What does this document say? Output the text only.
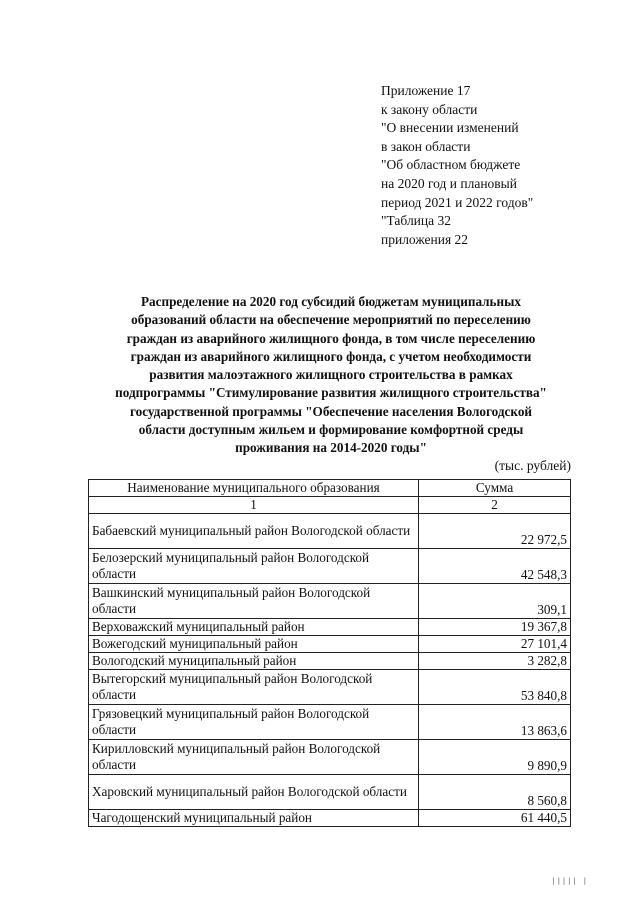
Приложение 17
к закону области
"О внесении изменений
в закон области
"Об областном бюджете
на 2020 год и плановый
период 2021 и 2022 годов"
"Таблица 32
приложения 22
Распределение на 2020 год субсидий бюджетам муниципальных
образований области на обеспечение мероприятий по переселению
граждан из аварийного жилищного фонда, в том числе переселению
граждан из аварийного жилищного фонда, с учетом необходимости
развития малоэтажного жилищного строительства в рамках
подпрограммы "Стимулирование развития жилищного строительства"
государственной программы "Обеспечение населения Вологодской
области доступным жильем и формирование комфортной среды
проживания на 2014-2020 годы"
(тыс. рублей)
Наименование муниципального образования	Сумма
1	2
Бабаевский муниципальный район Вологодской области	22 972,5
Белозерский муниципальный район Вологодской области	42 548,3
Вашкинский муниципальный район Вологодской области	309,1
Верховажский муниципальный район	19 367,8
Вожегодский муниципальный район	27 101,4
Вологодский муниципальный район	3 282,8
Вытегорский муниципальный район Вологодской области	53 840,8
Грязовецкий муниципальный район Вологодской области	13 863,6
Кирилловский муниципальный район Вологодской области	9 890,9
Харовский муниципальный район Вологодской области	8 560,8
Чагодощенский муниципальный район	61 440,5
||||| |
